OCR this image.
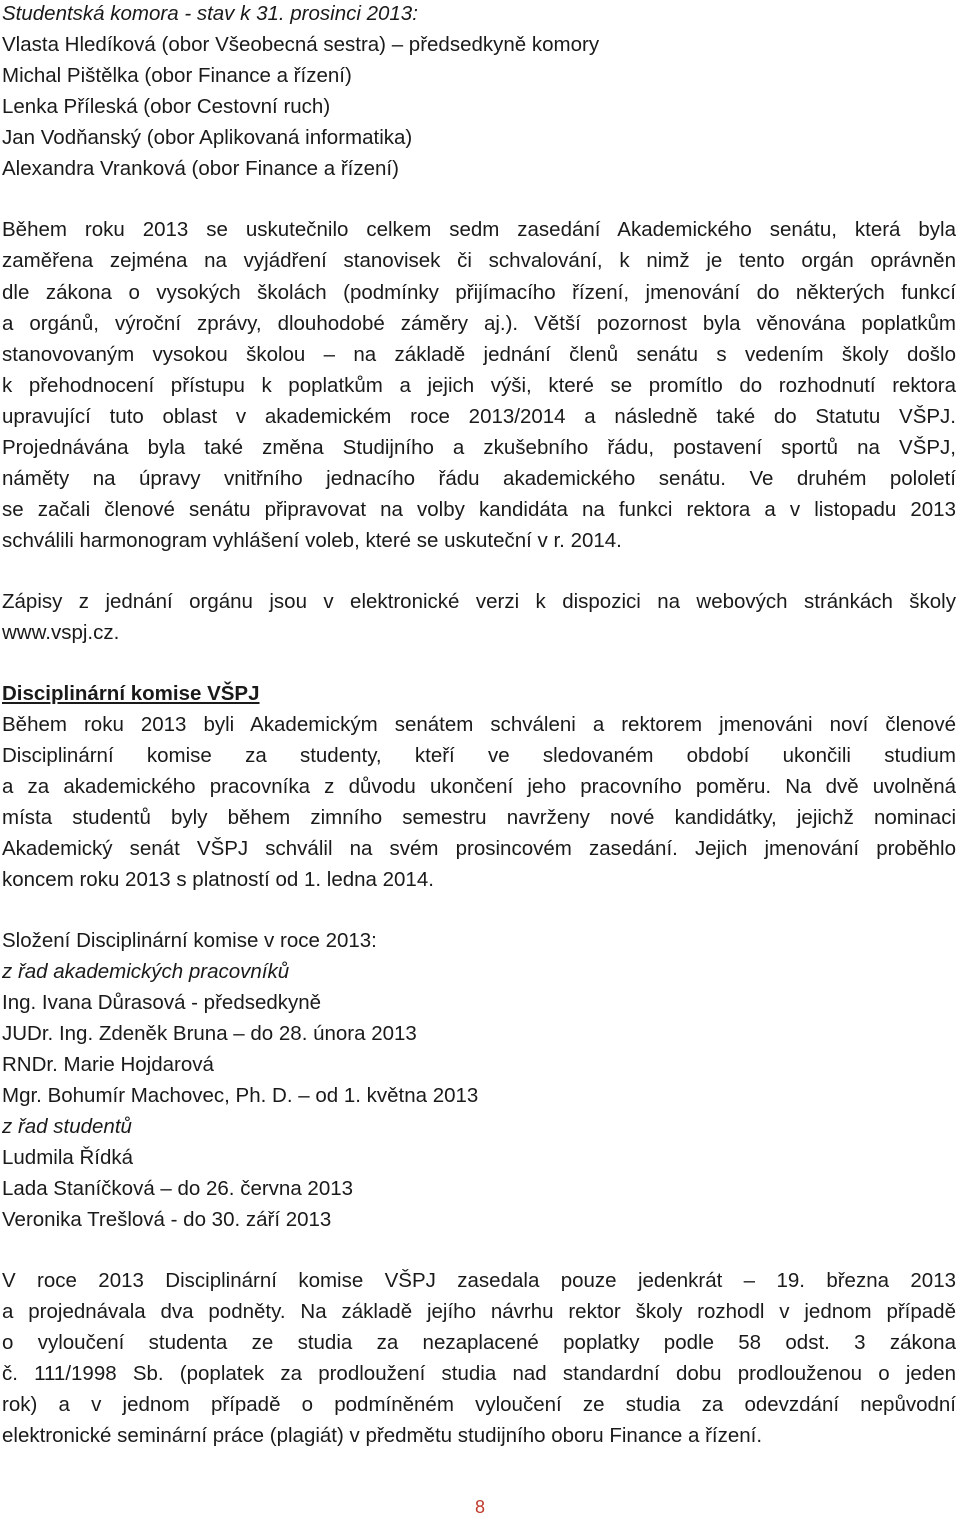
Studentská komora - stav k 31. prosinci 2013:
Vlasta Hledíková (obor Všeobecná sestra) – předsedkyně komory
Michal Pištělka (obor Finance a řízení)
Lenka Příleská (obor Cestovní ruch)
Jan Vodňanský (obor Aplikovaná informatika)
Alexandra Vranková (obor Finance a řízení)
Během roku 2013 se uskutečnilo celkem sedm zasedání Akademického senátu, která byla
zaměřena zejména na vyjádření stanovisek či schvalování, k nimž je tento orgán oprávněn
dle zákona o vysokých školách (podmínky přijímacího řízení, jmenování do některých funkcí
a orgánů, výroční zprávy, dlouhodobé záměry aj.). Větší pozornost byla věnována poplatkům
stanovovaným vysokou školou – na základě jednání členů senátu s vedením školy došlo
k přehodnocení přístupu k poplatkům a jejich výši, které se promítlo do rozhodnutí rektora
upravující tuto oblast v akademickém roce 2013/2014 a následně také do Statutu VŠPJ.
Projednávána byla také změna Studijního a zkušebního řádu, postavení sportů na VŠPJ,
náměty na úpravy vnitřního jednacího řádu akademického senátu. Ve druhém pololetí
se začali členové senátu připravovat na volby kandidáta na funkci rektora a v listopadu 2013
schválili harmonogram vyhlášení voleb, které se uskuteční v r. 2014.
Zápisy z jednání orgánu jsou v elektronické verzi k dispozici na webových stránkách školy
www.vspj.cz.
Disciplinární komise VŠPJ
Během roku 2013 byli Akademickým senátem schváleni a rektorem jmenováni noví členové
Disciplinární komise za studenty, kteří ve sledovaném období ukončili studium
a za akademického pracovníka z důvodu ukončení jeho pracovního poměru. Na dvě uvolněná
místa studentů byly během zimního semestru navrženy nové kandidátky, jejichž nominaci
Akademický senát VŠPJ schválil na svém prosincovém zasedání. Jejich jmenování proběhlo
koncem roku 2013 s platností od 1. ledna 2014.
Složení Disciplinární komise v roce 2013:
z řad akademických pracovníků
Ing. Ivana Důrasová - předsedkyně
JUDr. Ing. Zdeněk Bruna – do 28. února 2013
RNDr. Marie Hojdarová
Mgr. Bohumír Machovec, Ph. D. – od 1. května 2013
z řad studentů
Ludmila Řídká
Lada Staníčková – do 26. června 2013
Veronika Trešlová - do 30. září 2013
V roce 2013 Disciplinární komise VŠPJ zasedala pouze jedenkrát – 19. března 2013
a projednávala dva podněty. Na základě jejího návrhu rektor školy rozhodl v jednom případě
o vyloučení studenta ze studia za nezaplacené poplatky podle 58 odst. 3 zákona
č. 111/1998 Sb. (poplatek za prodloužení studia nad standardní dobu prodlouženou o jeden
rok) a v jednom případě o podmíněném vyloučení ze studia za odevzdání nepůvodní
elektronické seminární práce (plagiát) v předmětu studijního oboru Finance a řízení.
8
